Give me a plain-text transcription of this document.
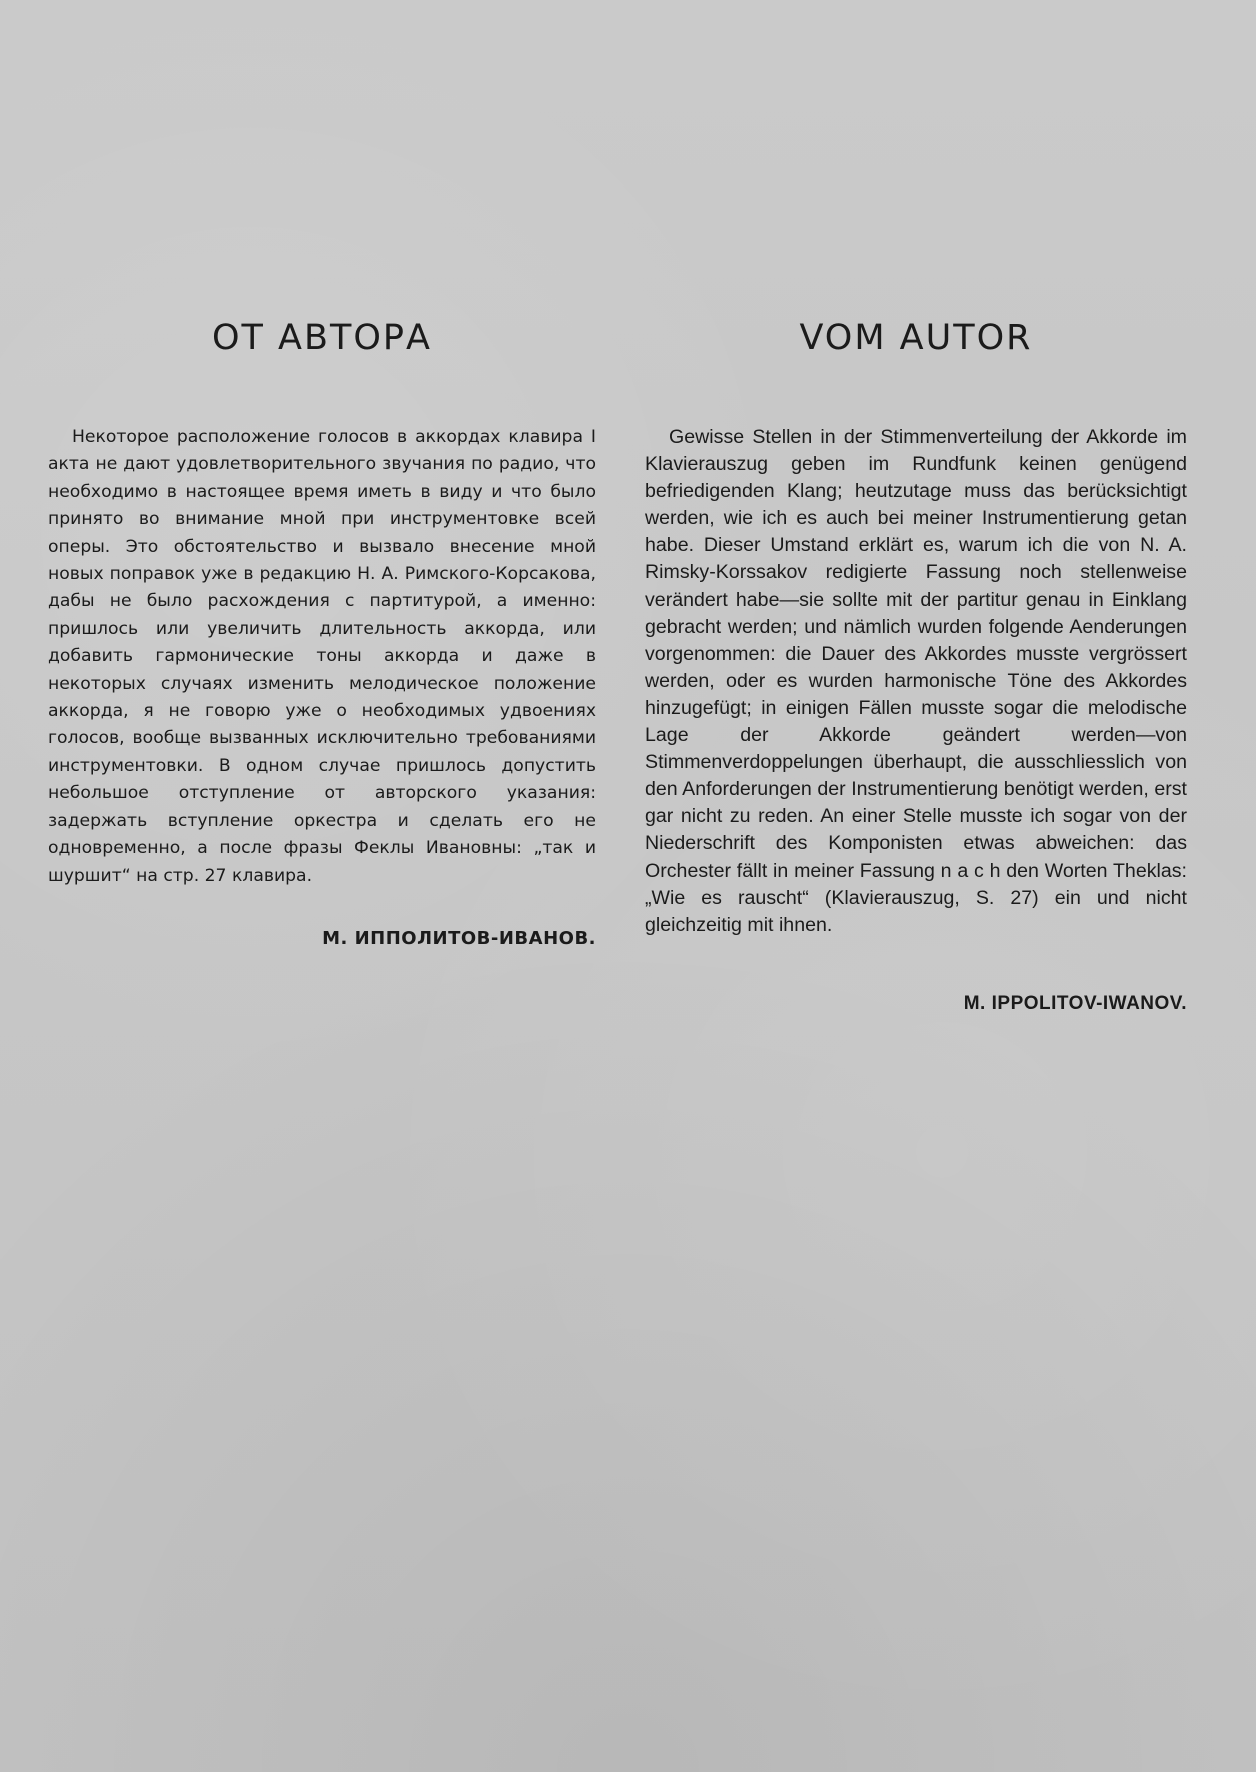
ОТ АВТОРА

Некоторое расположение голосов в аккордах клавира I акта не дают удовлетворительного звучания по радио, что необходимо в настоящее время иметь в виду и что было принято во внимание мной при инструментовке всей оперы. Это обстоятельство и вызвало внесение мной новых поправок уже в редакцию Н. А. Римского-Корсакова, дабы не было расхождения с партитурой, а именно: пришлось или увеличить длительность аккорда, или добавить гармонические тоны аккорда и даже в некоторых случаях изменить мелодическое положение аккорда, я не говорю уже о необходимых удвоениях голосов, вообще вызванных исключительно требованиями инструментовки. В одном случае пришлось допустить небольшое отступление от авторского указания: задержать вступление оркестра и сделать его не одновременно, а после фразы Феклы Ивановны: „так и шуршит“ на стр. 27 клавира.

М. ИППОЛИТОВ-ИВАНОВ.
VOM AUTOR

Gewisse Stellen in der Stimmenverteilung der Akkorde im Klavierauszug geben im Rundfunk keinen genügend befriedigenden Klang; heutzutage muss das berücksichtigt werden, wie ich es auch bei meiner Instrumentierung getan habe. Dieser Umstand erklärt es, warum ich die von N. A. Rimsky-Korssakov redigierte Fassung noch stellenweise verändert habe—sie sollte mit der partitur genau in Einklang gebracht werden; und nämlich wurden folgende Aenderungen vorgenommen: die Dauer des Akkordes musste vergrössert werden, oder es wurden harmonische Töne des Akkordes hinzugefügt; in einigen Fällen musste sogar die melodische Lage der Akkorde geändert werden—von Stimmenverdoppelungen überhaupt, die ausschliesslich von den Anforderungen der Instrumentierung benötigt werden, erst gar nicht zu reden. An einer Stelle musste ich sogar von der Niederschrift des Komponisten etwas abweichen: das Orchester fällt in meiner Fassung n a c h den Worten Theklas: „Wie es rauscht“ (Klavierauszug, S. 27) ein und nicht gleichzeitig mit ihnen.

M. IPPOLITOV-IWANOV.
